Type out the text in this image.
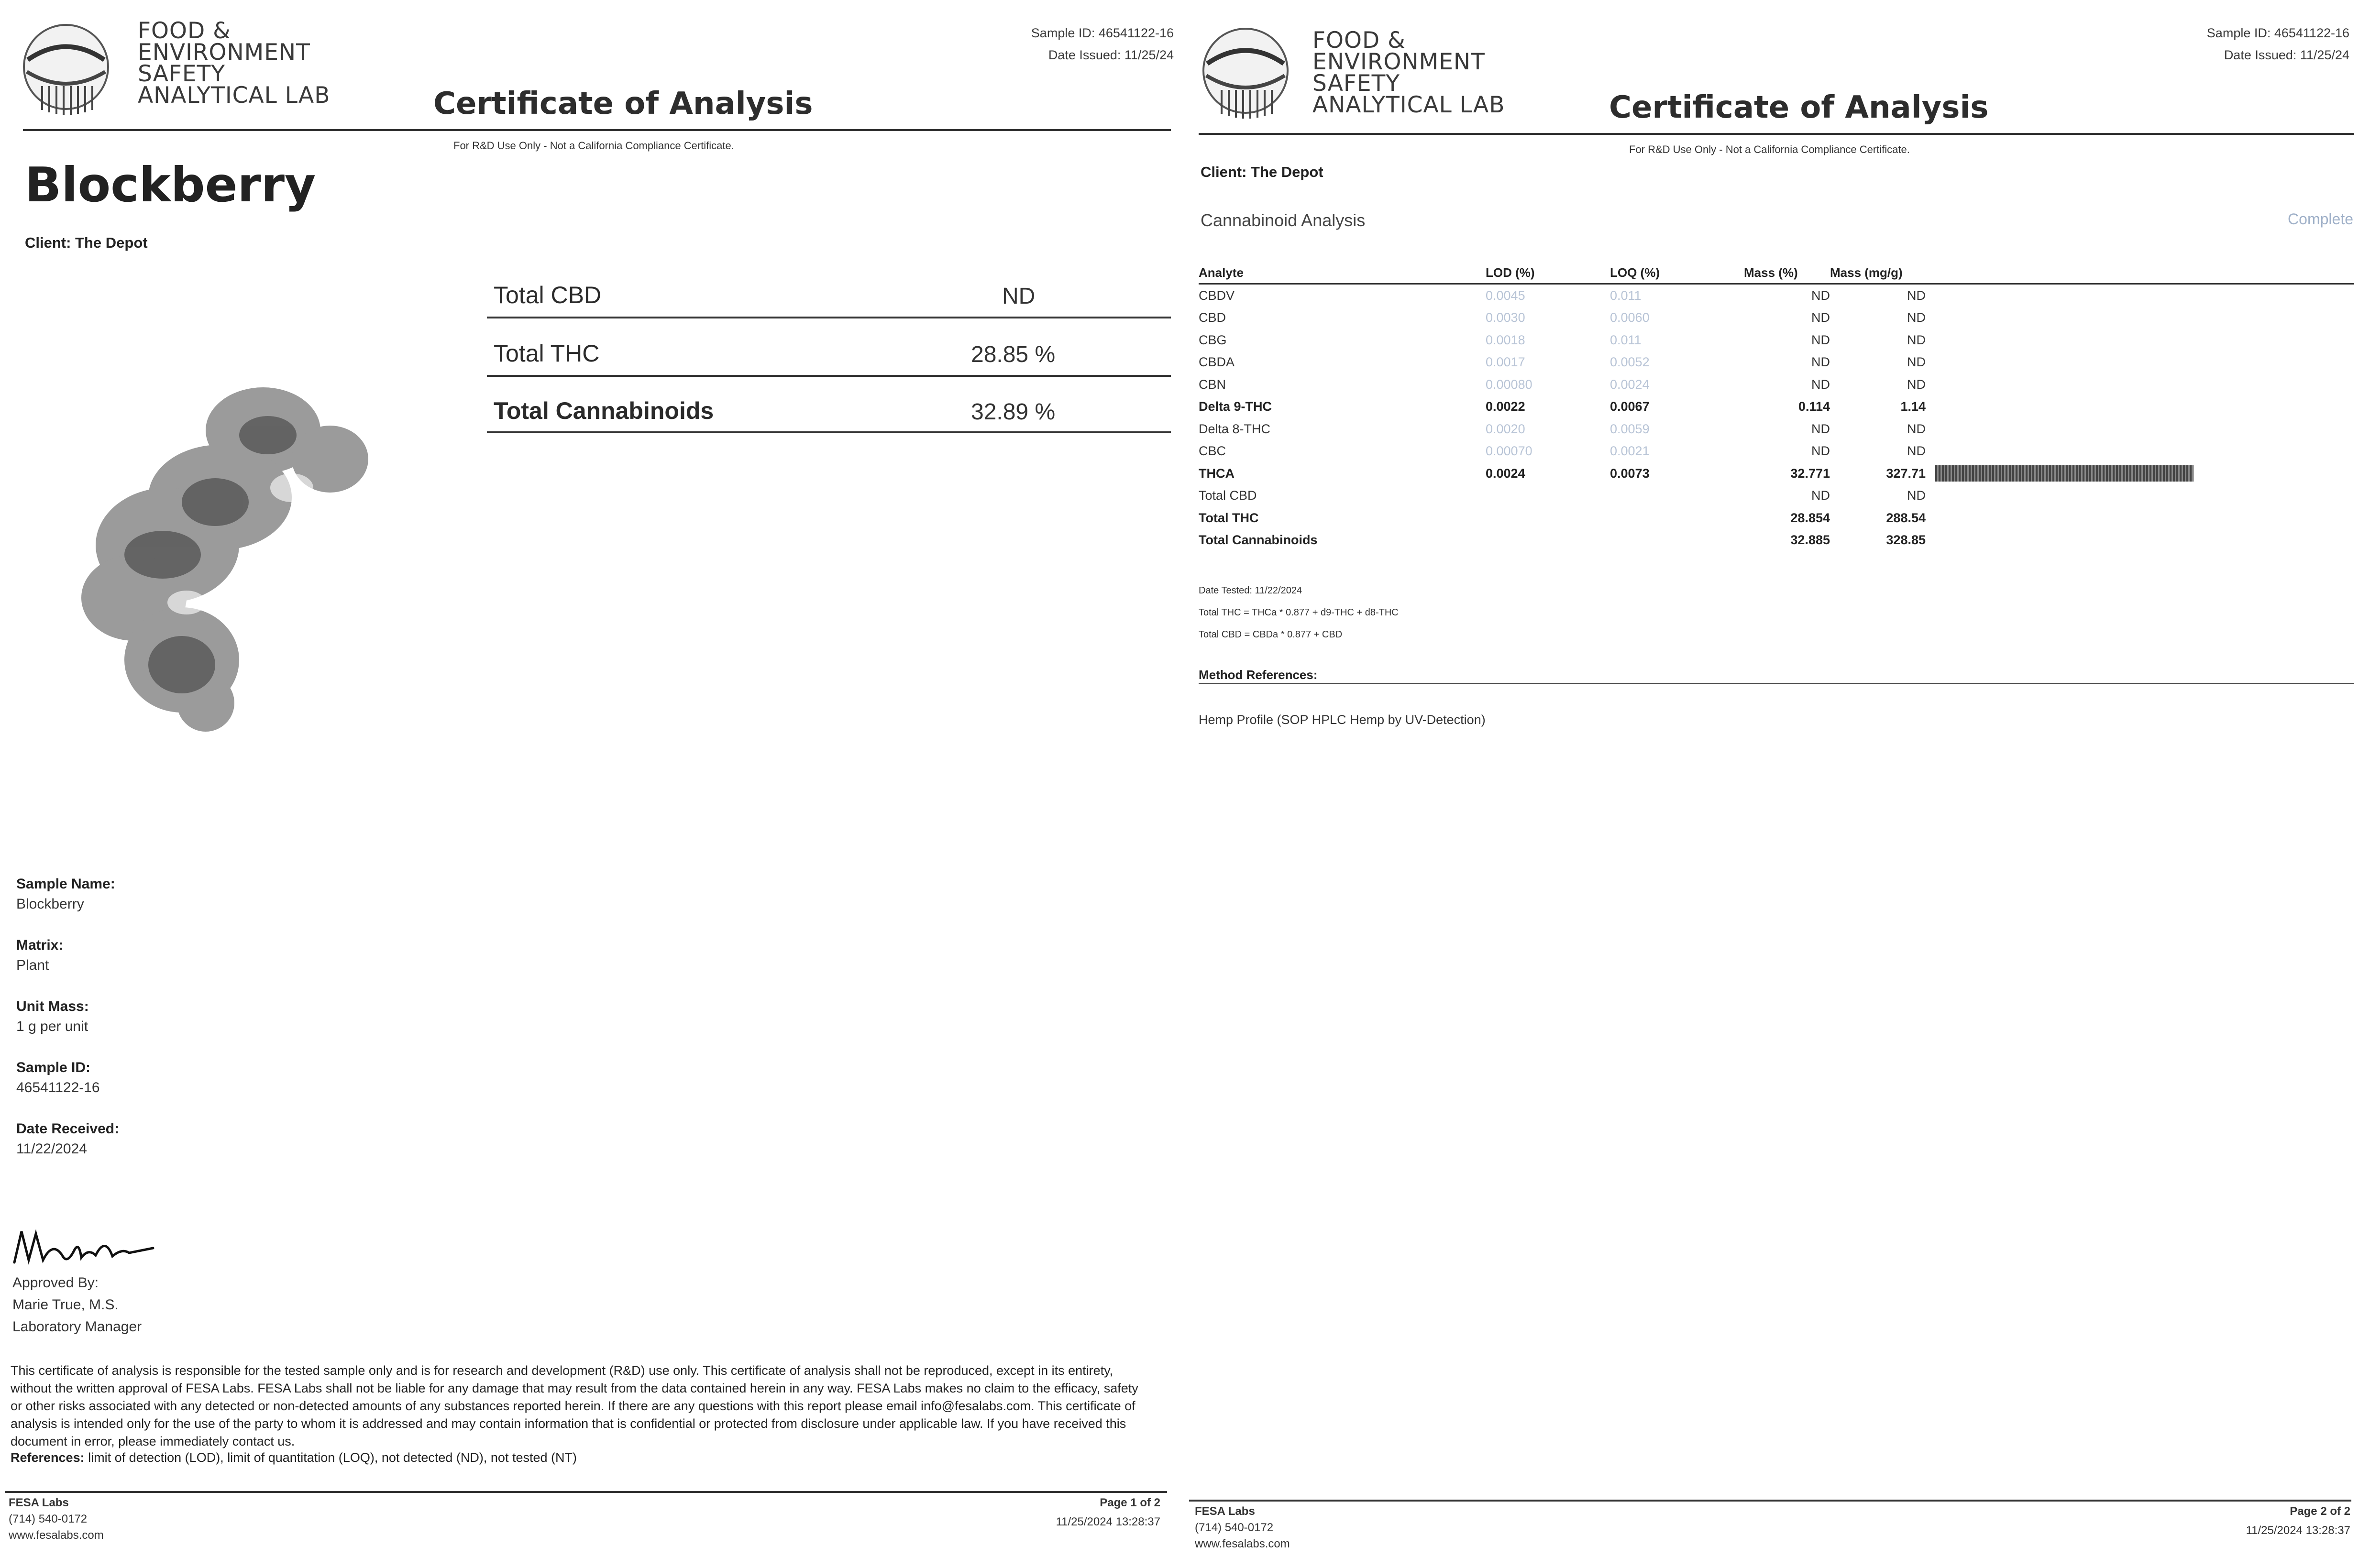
FOOD &
ENVIRONMENT
SAFETY
ANALYTICAL LAB
Sample ID: 46541122-16
Date Issued: 11/25/24
Certificate of Analysis
For R&D Use Only - Not a California Compliance Certificate.
Blockberry
Client: The Depot
Total CBD	ND
Total THC	28.85 %
Total Cannabinoids	32.89 %
Sample Name:
Blockberry
Matrix:
Plant
Unit Mass:
1 g per unit
Sample ID:
46541122-16
Date Received:
11/22/2024
Approved By:
Marie True, M.S.
Laboratory Manager
This certificate of analysis is responsible for the tested sample only and is for research and development (R&D) use only. This certificate of analysis shall not be reproduced, except in its entirety, without the written approval of FESA Labs. FESA Labs shall not be liable for any damage that may result from the data contained herein in any way. FESA Labs makes no claim to the efficacy, safety or other risks associated with any detected or non-detected amounts of any substances reported herein. If there are any questions with this report please email info@fesalabs.com. This certificate of analysis is intended only for the use of the party to whom it is addressed and may contain information that is confidential or protected from disclosure under applicable law. If you have received this document in error, please immediately contact us.
References: limit of detection (LOD), limit of quantitation (LOQ), not detected (ND), not tested (NT)
FESA Labs
(714) 540-0172
www.fesalabs.com
Page 1 of 2
11/25/2024 13:28:37
FOOD &
ENVIRONMENT
SAFETY
ANALYTICAL LAB
Sample ID: 46541122-16
Date Issued: 11/25/24
Certificate of Analysis
For R&D Use Only - Not a California Compliance Certificate.
Client: The Depot
Cannabinoid Analysis	Complete
Analyte	LOD (%)	LOQ (%)	Mass (%)	Mass (mg/g)	
CBDV	0.0045	0.011	ND	ND	
CBD	0.0030	0.0060	ND	ND	
CBG	0.0018	0.011	ND	ND	
CBDA	0.0017	0.0052	ND	ND	
CBN	0.00080	0.0024	ND	ND	
Delta 9-THC	0.0022	0.0067	0.114	1.14	
Delta 8-THC	0.0020	0.0059	ND	ND	
CBC	0.00070	0.0021	ND	ND	
THCA	0.0024	0.0073	32.771	327.71	

Total CBD			ND	ND	
Total THC			28.854	288.54	
Total Cannabinoids			32.885	328.85	
Date Tested: 11/22/2024
Total THC = THCa * 0.877 + d9-THC + d8-THC
Total CBD = CBDa * 0.877 + CBD
Method References:
Hemp Profile (SOP HPLC Hemp by UV-Detection)
FESA Labs
(714) 540-0172
www.fesalabs.com
Page 2 of 2
11/25/2024 13:28:37
